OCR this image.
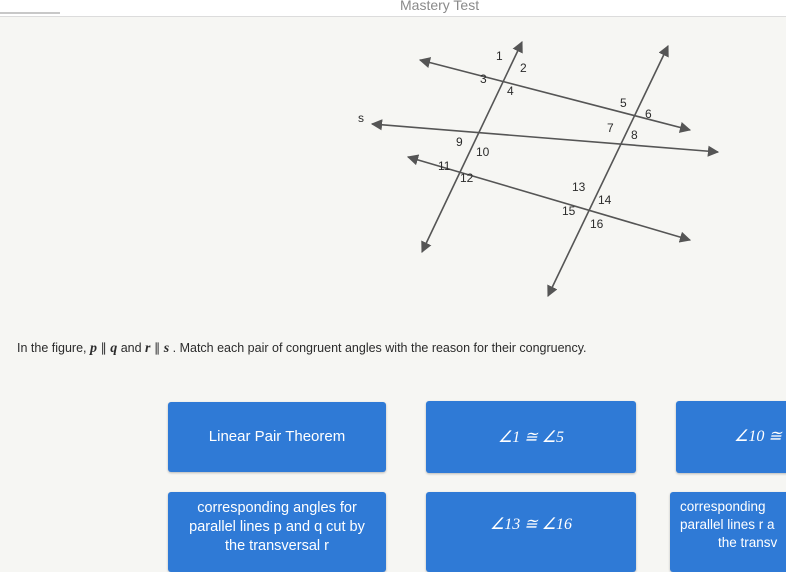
Mastery Test
s
1
2
3
4
5
6
7 8
9
10
11
12
13
14
15
16
In the figure, p ∥ q and r ∥ s . Match each pair of congruent angles with the reason for their congruency.
Linear Pair Theorem	∠1 ≅ ∠5	∠10 ≅
corresponding angles for
parallel lines p and q cut by
the transversal r
∠13 ≅ ∠16
corresponding
parallel lines r a
the transv
